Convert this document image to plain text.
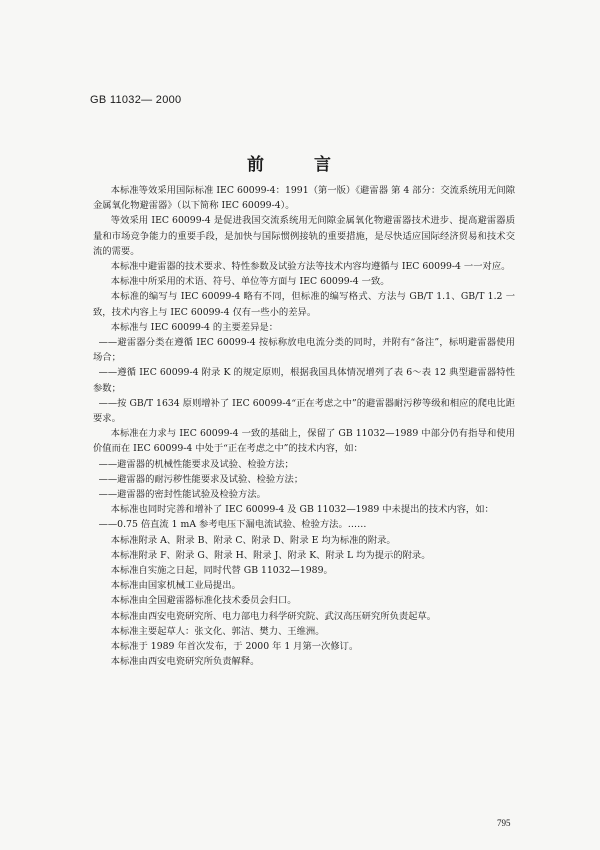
GB 11032— 2000
前 言

本标准等效采用国际标准 IEC 60099-4：1991（第一版）《避雷器 第 4 部分：交流系统用无间隙金属氧化物避雷器》（以下简称 IEC 60099-4）。

等效采用 IEC 60099-4 是促进我国交流系统用无间隙金属氧化物避雷器技术进步、提高避雷器质量和市场竞争能力的重要手段，是加快与国际惯例接轨的重要措施，是尽快适应国际经济贸易和技术交流的需要。

本标准中避雷器的技术要求、特性参数及试验方法等技术内容均遵循与 IEC 60099-4 一一对应。

本标准中所采用的术语、符号、单位等方面与 IEC 60099-4 一致。

本标准的编写与 IEC 60099-4 略有不同，但标准的编写格式、方法与 GB/T 1.1、GB/T 1.2 一致，技术内容上与 IEC 60099-4 仅有一些小的差异。

本标准与 IEC 60099-4 的主要差异是：

——避雷器分类在遵循 IEC 60099-4 按标称放电电流分类的同时，并附有“备注”，标明避雷器使用场合；

——遵循 IEC 60099-4 附录 K 的规定原则，根据我国具体情况增列了表 6～表 12 典型避雷器特性参数；

——按 GB/T 1634 原则增补了 IEC 60099-4“正在考虑之中”的避雷器耐污秽等级和相应的爬电比距要求。

本标准在力求与 IEC 60099-4 一致的基础上，保留了 GB 11032—1989 中部分仍有指导和使用价值而在 IEC 60099-4 中处于“正在考虑之中”的技术内容，如：

——避雷器的机械性能要求及试验、检验方法；

——避雷器的耐污秽性能要求及试验、检验方法；

——避雷器的密封性能试验及检验方法。

本标准也同时完善和增补了 IEC 60099-4 及 GB 11032—1989 中未提出的技术内容，如：

——0.75 倍直流 1 mA 参考电压下漏电流试验、检验方法。……

本标准附录 A、附录 B、附录 C、附录 D、附录 E 均为标准的附录。

本标准附录 F、附录 G、附录 H、附录 J、附录 K、附录 L 均为提示的附录。

本标准自实施之日起，同时代替 GB 11032—1989。

本标准由国家机械工业局提出。

本标准由全国避雷器标准化技术委员会归口。

本标准由西安电瓷研究所、电力部电力科学研究院、武汉高压研究所负责起草。

本标准主要起草人：张文化、郭洁、樊力、王维洲。

本标准于 1989 年首次发布，于 2000 年 1 月第一次修订。

本标准由西安电瓷研究所负责解释。

795
